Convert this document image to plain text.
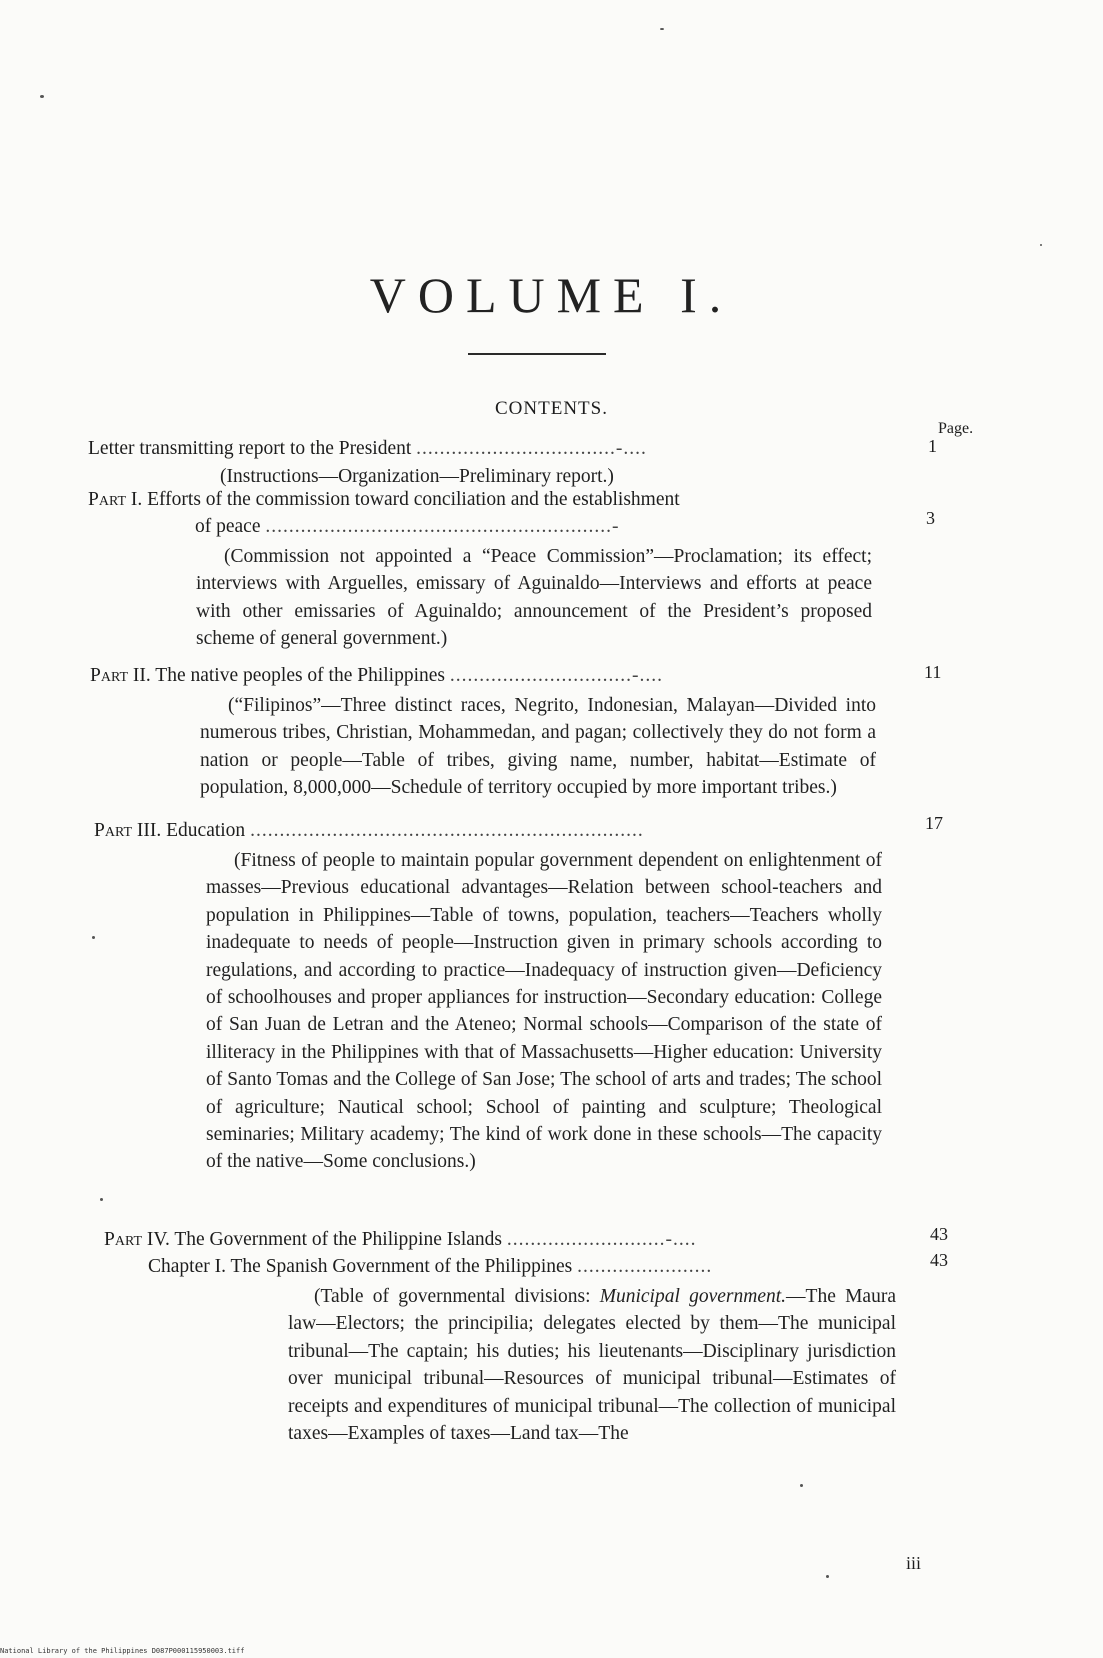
VOLUME I.
CONTENTS.
Page.
Letter transmitting report to the President ..................................-....	1
(Instructions—Organization—Preliminary report.)
Part I. Efforts of the commission toward conciliation and the establishment
of peace ...........................................................-	3
(Commission not appointed a “Peace Commission”—Proclamation; its effect; interviews with Arguelles, emissary of Aguinaldo—Interviews and efforts at peace with other emissaries of Aguinaldo; announcement of the President’s proposed scheme of general government.)
Part II. The native peoples of the Philippines ...............................-....	11
(“Filipinos”—Three distinct races, Negrito, Indonesian, Malayan—Divided into numerous tribes, Christian, Mohammedan, and pagan; collectively they do not form a nation or people—Table of tribes, giving name, number, habitat—Estimate of population, 8,000,000—Schedule of territory occupied by more important tribes.)
Part III. Education ...................................................................	17
(Fitness of people to maintain popular government dependent on enlightenment of masses—Previous educational advantages—Relation between school-teachers and population in Philippines—Table of towns, population, teachers—Teachers wholly inadequate to needs of people—Instruction given in primary schools according to regulations, and according to practice—Inadequacy of instruction given—Deficiency of schoolhouses and proper appliances for instruction—Secondary education: College of San Juan de Letran and the Ateneo; Normal schools—Comparison of the state of illiteracy in the Philippines with that of Massachusetts—Higher education: University of Santo Tomas and the College of San Jose; The school of arts and trades; The school of agriculture; Nautical school; School of painting and sculpture; Theological seminaries; Military academy; The kind of work done in these schools—The capacity of the native—Some conclusions.)
Part IV. The Government of the Philippine Islands ...........................-....	43
Chapter I. The Spanish Government of the Philippines .......................	43
(Table of governmental divisions: Municipal government.—The Maura law—Electors; the principilia; delegates elected by them—The municipal tribunal—The captain; his duties; his lieutenants—Disciplinary jurisdiction over municipal tribunal—Resources of municipal tribunal—Estimates of receipts and expenditures of municipal tribunal—The collection of municipal taxes—Examples of taxes—Land tax—The
iii
National Library of the Philippines D087P000115950003.tiff
